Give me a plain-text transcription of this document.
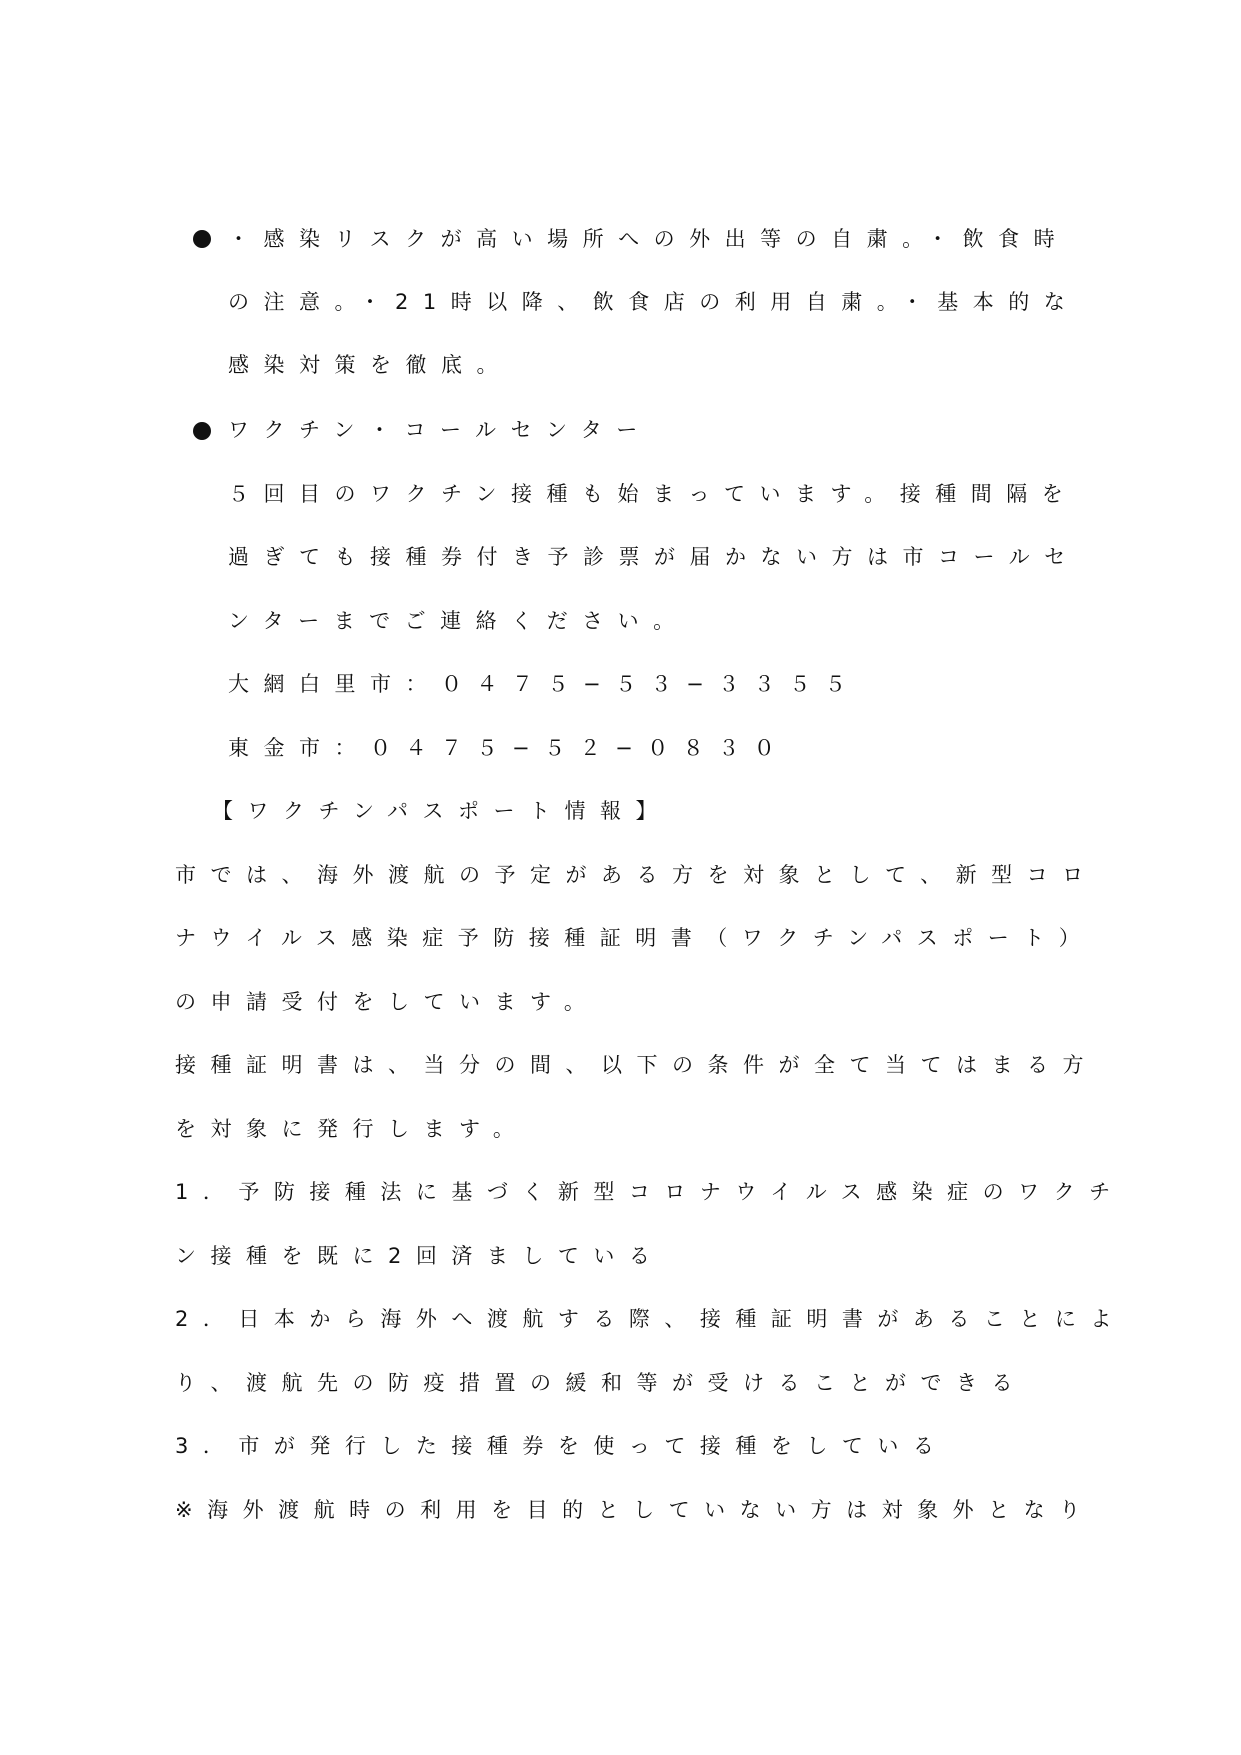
・感染リスクが高い場所への外出等の自粛。・飲食時
の注意。・21時以降、飲食店の利用自粛。・基本的な
感染対策を徹底。
ワクチン・コールセンター
５回目のワクチン接種も始まっています。接種間隔を
過ぎても接種券付き予診票が届かない方は市コールセ
ンターまでご連絡ください。
大網白里市：０４７５−５３−３３５５
東金市：０４７５−５２−０８３０
【ワクチンパスポート情報】
市では、海外渡航の予定がある方を対象として、新型コロ
ナウイルス感染症予防接種証明書（ワクチンパスポート）
の申請受付をしています。
接種証明書は、当分の間、以下の条件が全て当てはまる方
を対象に発行します。
1．予防接種法に基づく新型コロナウイルス感染症のワクチ
ン接種を既に2回済ましている
2．日本から海外へ渡航する際、接種証明書があることによ
り、渡航先の防疫措置の緩和等が受けることができる
3．市が発行した接種券を使って接種をしている
※海外渡航時の利用を目的としていない方は対象外となり
